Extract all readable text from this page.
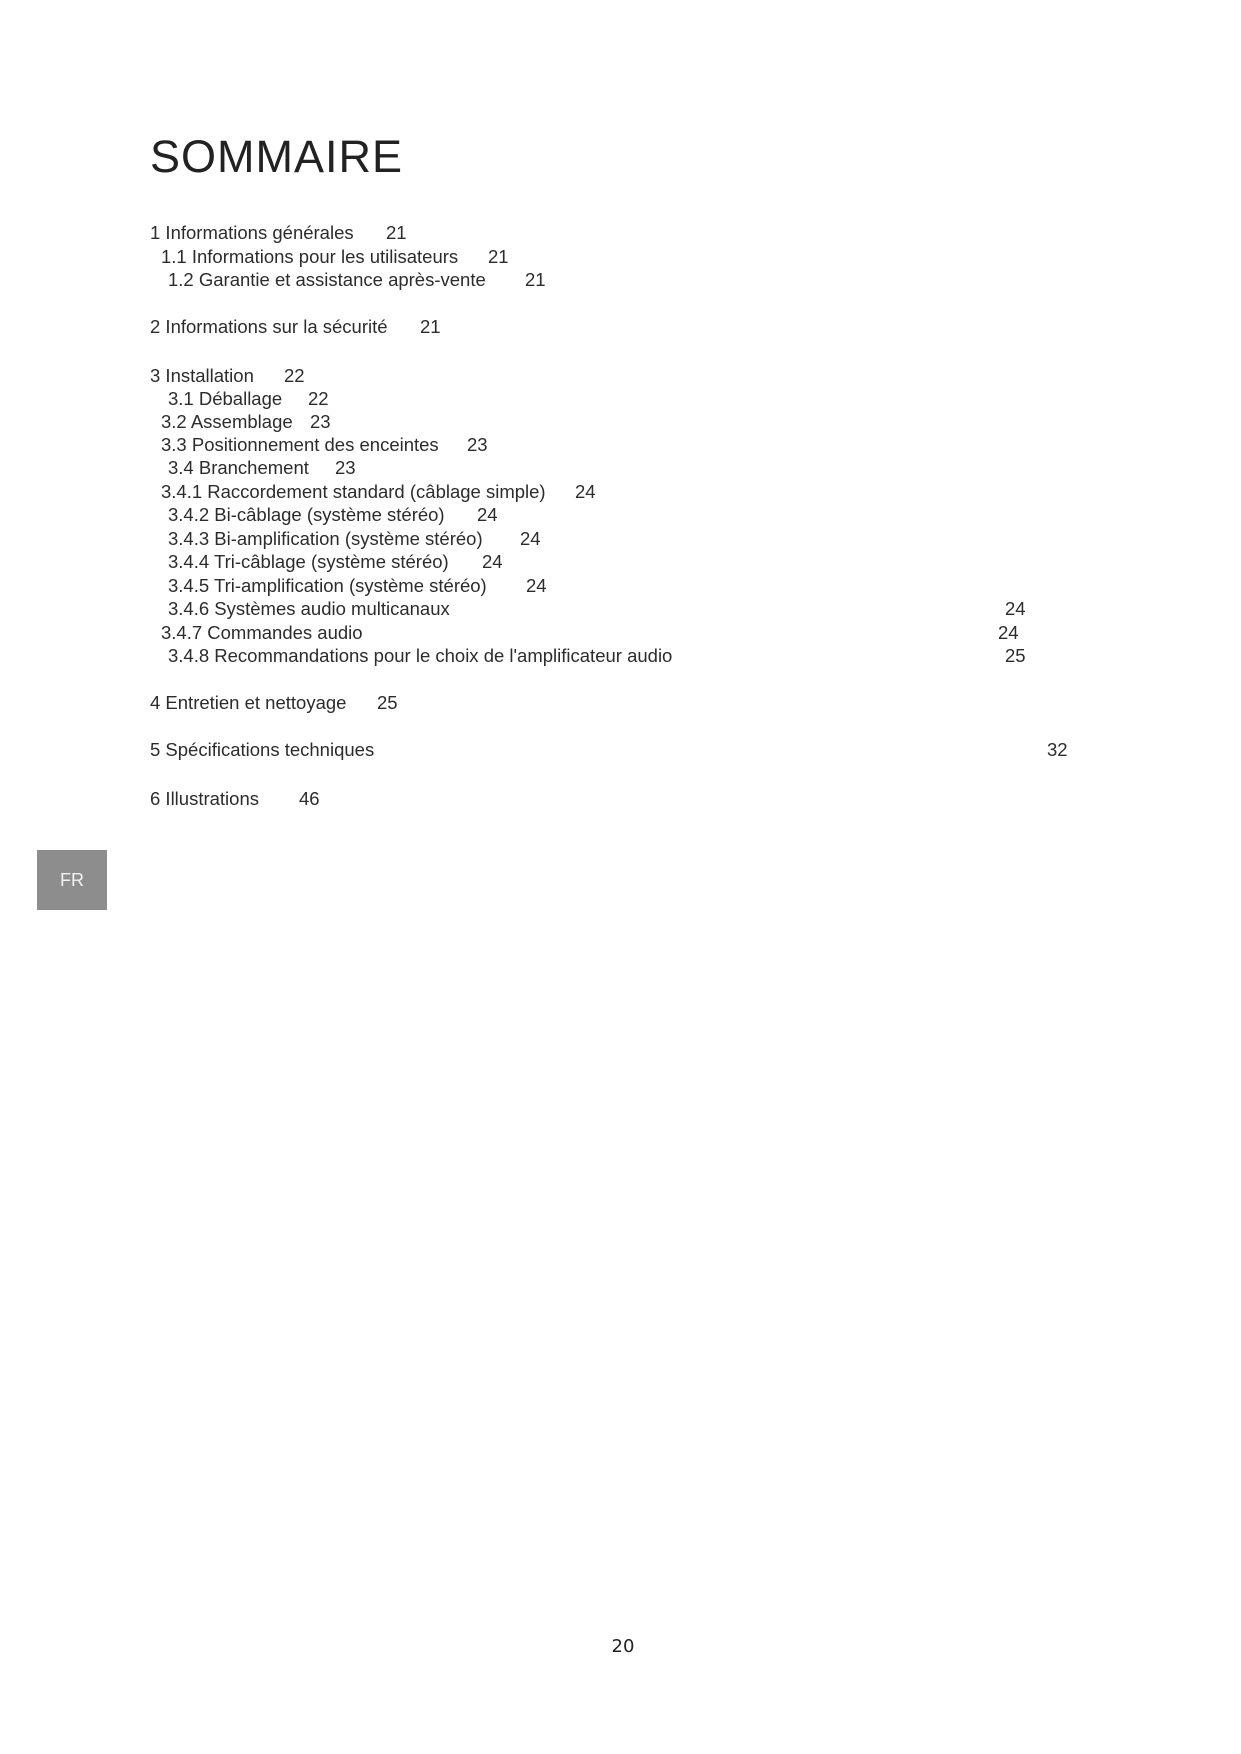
SOMMAIRE
1 Informations générales 21
1.1 Informations pour les utilisateurs 21
1.2 Garantie et assistance après-vente 21
2 Informations sur la sécurité 21
3 Installation 22
3.1 Déballage 22
3.2 Assemblage 23
3.3 Positionnement des enceintes 23
3.4 Branchement 23
3.4.1 Raccordement standard (câblage simple) 24
3.4.2 Bi-câblage (système stéréo) 24
3.4.3 Bi-amplification (système stéréo) 24
3.4.4 Tri-câblage (système stéréo) 24
3.4.5 Tri-amplification (système stéréo) 24
3.4.6 Systèmes audio multicanaux	24
3.4.7 Commandes audio	24
3.4.8 Recommandations pour le choix de l'amplificateur audio	25
4 Entretien et nettoyage 25
5 Spécifications techniques	32
6 Illustrations 46
FR
20
